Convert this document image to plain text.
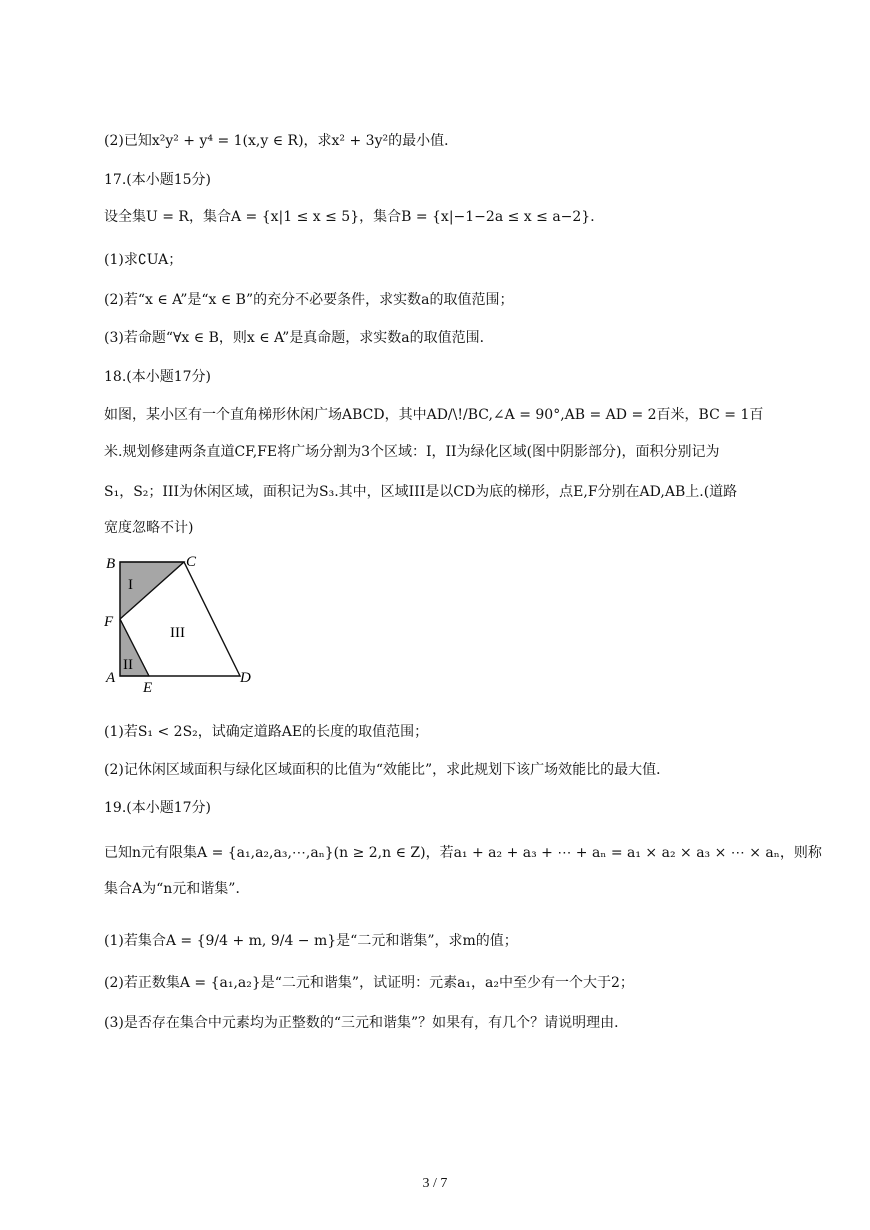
(2)已知x²y² + y⁴ = 1(x,y ∈ R)，求x² + 3y²的最小值．
17.(本小题15分)
设全集U = R，集合A = {x|1 ≤ x ≤ 5}，集合B = {x|−1−2a ≤ x ≤ a−2}．
(1)求∁UA；
(2)若“x ∈ A”是“x ∈ B”的充分不必要条件，求实数a的取值范围；
(3)若命题“∀x ∈ B，则x ∈ A”是真命题，求实数a的取值范围．
18.(本小题17分)
如图，某小区有一个直角梯形休闲广场ABCD，其中AD/\!/BC,∠A = 90°,AB = AD = 2百米，BC = 1百
米.规划修建两条直道CF,FE将广场分割为3个区域：I，II为绿化区域(图中阴影部分)，面积分别记为
S₁，S₂；III为休闲区域，面积记为S₃.其中，区域III是以CD为底的梯形，点E,F分别在AD,AB上.(道路
宽度忽略不计)
B	C
F
A
E
D
I
II
III
(1)若S₁ < 2S₂，试确定道路AE的长度的取值范围；
(2)记休闲区域面积与绿化区域面积的比值为“效能比”，求此规划下该广场效能比的最大值．
19.(本小题17分)
已知n元有限集A = {a₁,a₂,a₃,⋯,aₙ}(n ≥ 2,n ∈ Z)，若a₁ + a₂ + a₃ + ⋯ + aₙ = a₁ × a₂ × a₃ × ⋯ × aₙ，则称
集合A为“n元和谐集”．
(1)若集合A = {9/4 + m, 9/4 − m}是“二元和谐集”，求m的值；
(2)若正数集A = {a₁,a₂}是“二元和谐集”，试证明：元素a₁，a₂中至少有一个大于2；
(3)是否存在集合中元素均为正整数的“三元和谐集”？如果有，有几个？请说明理由．
3 / 7
